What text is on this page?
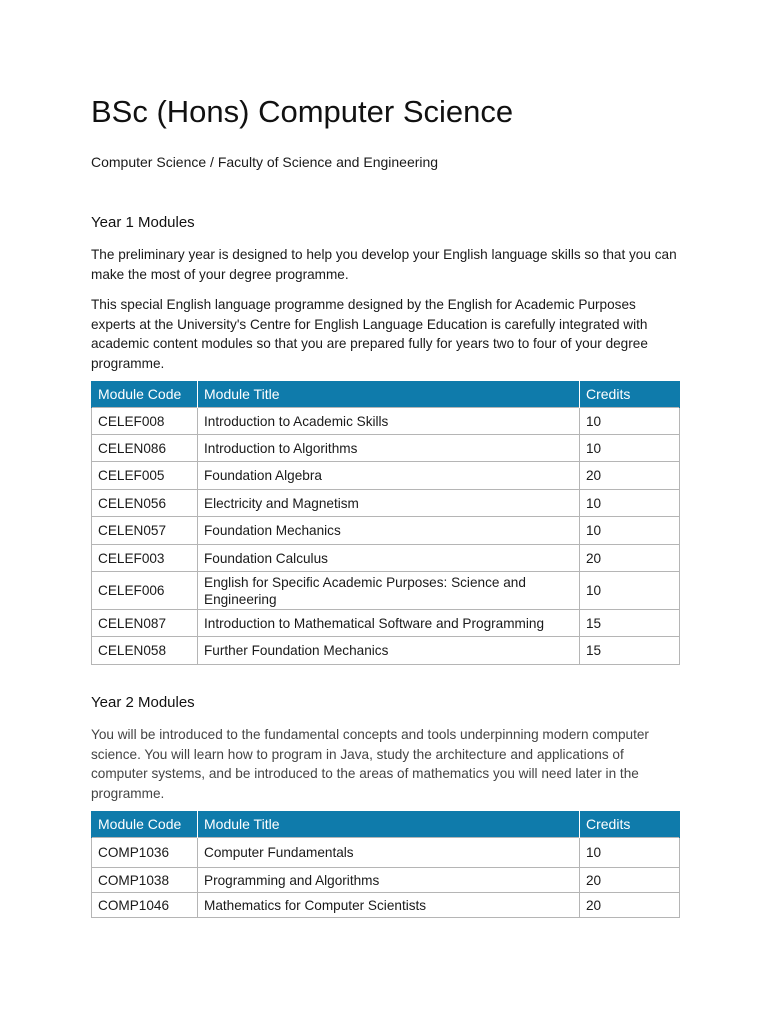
BSc (Hons) Computer Science

Computer Science / Faculty of Science and Engineering

Year 1 Modules

The preliminary year is designed to help you develop your English language skills so that you can make the most of your degree programme.

This special English language programme designed by the English for Academic Purposes experts at the University's Centre for English Language Education is carefully integrated with academic content modules so that you are prepared fully for years two to four of your degree programme.

Module Code	Module Title	Credits
CELEF008	Introduction to Academic Skills	10
CELEN086	Introduction to Algorithms	10
CELEF005	Foundation Algebra	20
CELEN056	Electricity and Magnetism	10
CELEN057	Foundation Mechanics	10
CELEF003	Foundation Calculus	20
CELEF006	English for Specific Academic Purposes: Science and Engineering	10
CELEN087	Introduction to Mathematical Software and Programming	15
CELEN058	Further Foundation Mechanics	15
Year 2 Modules

You will be introduced to the fundamental concepts and tools underpinning modern computer science. You will learn how to program in Java, study the architecture and applications of computer systems, and be introduced to the areas of mathematics you will need later in the programme.

Module Code	Module Title	Credits
COMP1036	Computer Fundamentals	10
COMP1038	Programming and Algorithms	20
COMP1046	Mathematics for Computer Scientists	20
